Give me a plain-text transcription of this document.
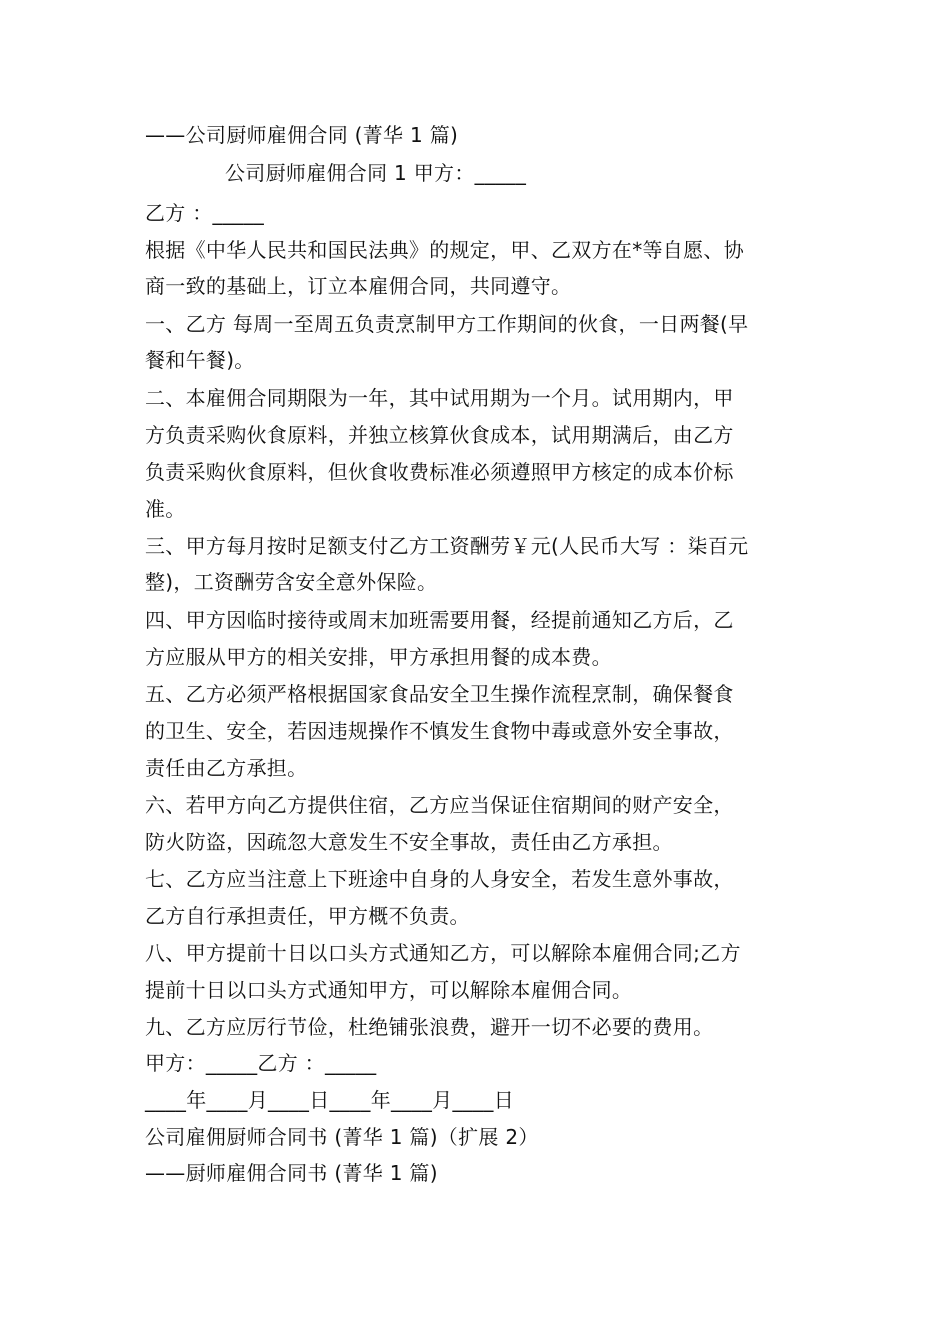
——公司厨师雇佣合同 (菁华 1 篇)
公司厨师雇佣合同 1 甲方：_____
乙方 ：_____
根据《中华人民共和国民法典》的规定，甲、乙双方在*等自愿、协
商一致的基础上，订立本雇佣合同，共同遵守。
一、乙方 每周一至周五负责烹制甲方工作期间的伙食，一日两餐(早
餐和午餐)。
二、本雇佣合同期限为一年，其中试用期为一个月。试用期内，甲
方负责采购伙食原料，并独立核算伙食成本，试用期满后，由乙方
负责采购伙食原料，但伙食收费标准必须遵照甲方核定的成本价标
准。
三、甲方每月按时足额支付乙方工资酬劳￥元(人民币大写 ：柒百元
整)，工资酬劳含安全意外保险。
四、甲方因临时接待或周末加班需要用餐，经提前通知乙方后，乙
方应服从甲方的相关安排，甲方承担用餐的成本费。
五、乙方必须严格根据国家食品安全卫生操作流程烹制，确保餐食
的卫生、安全，若因违规操作不慎发生食物中毒或意外安全事故，
责任由乙方承担。
六、若甲方向乙方提供住宿，乙方应当保证住宿期间的财产安全，
防火防盗，因疏忽大意发生不安全事故，责任由乙方承担。
七、乙方应当注意上下班途中自身的人身安全，若发生意外事故，
乙方自行承担责任，甲方概不负责。
八、甲方提前十日以口头方式通知乙方，可以解除本雇佣合同;乙方
提前十日以口头方式通知甲方，可以解除本雇佣合同。
九、乙方应厉行节俭，杜绝铺张浪费，避开一切不必要的费用。
甲方：_____乙方 ：_____
____年____月____日____年____月____日
公司雇佣厨师合同书 (菁华 1 篇)（扩展 2）
——厨师雇佣合同书 (菁华 1 篇)
